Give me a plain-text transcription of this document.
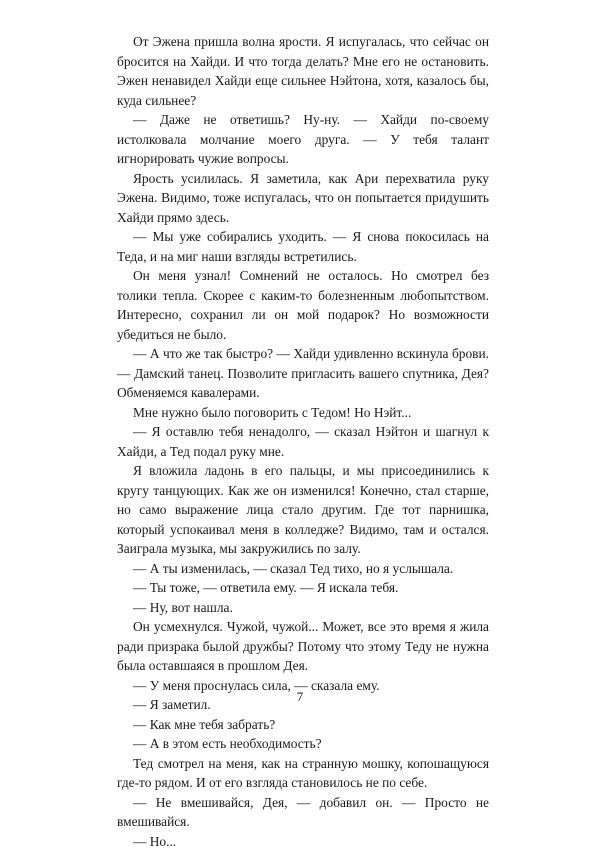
От Эжена пришла волна ярости. Я испугалась, что сейчас он бросится на Хайди. И что тогда делать? Мне его не остановить. Эжен ненавидел Хайди еще сильнее Нэйтона, хотя, казалось бы, куда сильнее?

— Даже не ответишь? Ну-ну. — Хайди по-своему истолковала молчание моего друга. — У тебя талант игнорировать чужие вопросы.

Ярость усилилась. Я заметила, как Ари перехватила руку Эжена. Видимо, тоже испугалась, что он попытается придушить Хайди прямо здесь.

— Мы уже собирались уходить. — Я снова покосилась на Теда, и на миг наши взгляды встретились.

Он меня узнал! Сомнений не осталось. Но смотрел без толики тепла. Скорее с каким-то болезненным любопытством. Интересно, сохранил ли он мой подарок? Но возможности убедиться не было.

— А что же так быстро? — Хайди удивленно вскинула брови. — Дамский танец. Позволите пригласить вашего спутника, Дея? Обменяемся кавалерами.

Мне нужно было поговорить с Тедом! Но Нэйт...

— Я оставлю тебя ненадолго, — сказал Нэйтон и шагнул к Хайди, а Тед подал руку мне.

Я вложила ладонь в его пальцы, и мы присоединились к кругу танцующих. Как же он изменился! Конечно, стал старше, но само выражение лица стало другим. Где тот парнишка, который успокаивал меня в колледже? Видимо, там и остался. Заиграла музыка, мы закружились по залу.

— А ты изменилась, — сказал Тед тихо, но я услышала.

— Ты тоже, — ответила ему. — Я искала тебя.

— Ну, вот нашла.

Он усмехнулся. Чужой, чужой... Может, все это время я жила ради призрака былой дружбы? Потому что этому Теду не нужна была оставшаяся в прошлом Дея.

— У меня проснулась сила, — сказала ему.

— Я заметил.

— Как мне тебя забрать?

— А в этом есть необходимость?

Тед смотрел на меня, как на странную мошку, копошащуюся где-то рядом. И от его взгляда становилось не по себе.

— Не вмешивайся, Дея, — добавил он. — Просто не вмешивайся.

— Но...

7
